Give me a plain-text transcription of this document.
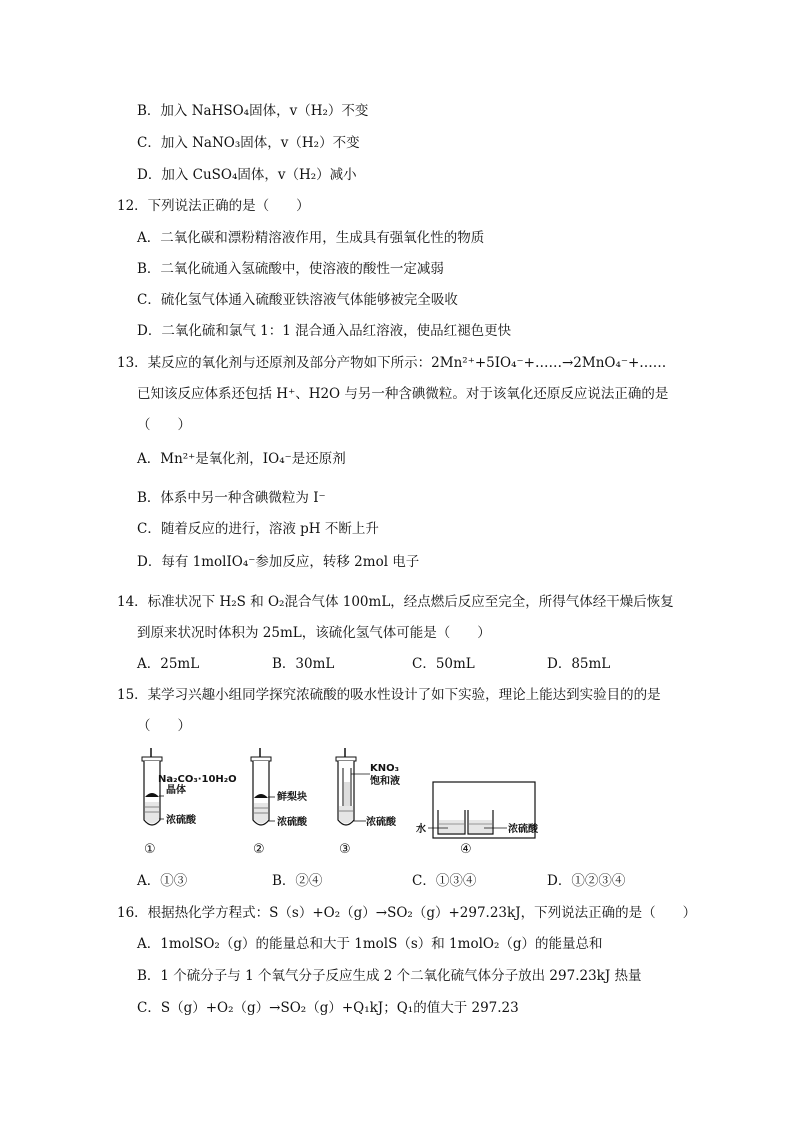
B．加入 NaHSO₄固体，v（H₂）不变
C．加入 NaNO₃固体，v（H₂）不变
D．加入 CuSO₄固体，v（H₂）减小
12．下列说法正确的是（　　）
A．二氧化碳和漂粉精溶液作用，生成具有强氧化性的物质
B．二氧化硫通入氢硫酸中，使溶液的酸性一定减弱
C．硫化氢气体通入硫酸亚铁溶液气体能够被完全吸收
D．二氧化硫和氯气 1：1 混合通入品红溶液，使品红褪色更快
13．某反应的氧化剂与还原剂及部分产物如下所示：2Mn²⁺+5IO₄⁻+……→2MnO₄⁻+……
已知该反应体系还包括 H⁺、H2O 与另一种含碘微粒。对于该氧化还原反应说法正确的是
（　　）
A．Mn²⁺是氧化剂，IO₄⁻是还原剂
B．体系中另一种含碘微粒为 I⁻
C．随着反应的进行，溶液 pH 不断上升
D．每有 1molIO₄⁻参加反应，转移 2mol 电子
14．标准状况下 H₂S 和 O₂混合气体 100mL，经点燃后反应至完全，所得气体经干燥后恢复
到原来状况时体积为 25mL，该硫化氢气体可能是（　　）
A．25mL	B．30mL	C．50mL	D．85mL
15．某学习兴趣小组同学探究浓硫酸的吸水性设计了如下实验，理论上能达到实验目的的是
（　　）
Na₂CO₃·10H₂O
晶体
浓硫酸
①
鲜梨块
浓硫酸
②
KNO₃
饱和液
浓硫酸
③
水	浓硫酸
④
A．①③	B．②④	C．①③④	D．①②③④
16．根据热化学方程式：S（s）+O₂（g）→SO₂（g）+297.23kJ，下列说法正确的是（　　）
A．1molSO₂（g）的能量总和大于 1molS（s）和 1molO₂（g）的能量总和
B．1 个硫分子与 1 个氧气分子反应生成 2 个二氧化硫气体分子放出 297.23kJ 热量
C．S（g）+O₂（g）→SO₂（g）+Q₁kJ；Q₁的值大于 297.23
